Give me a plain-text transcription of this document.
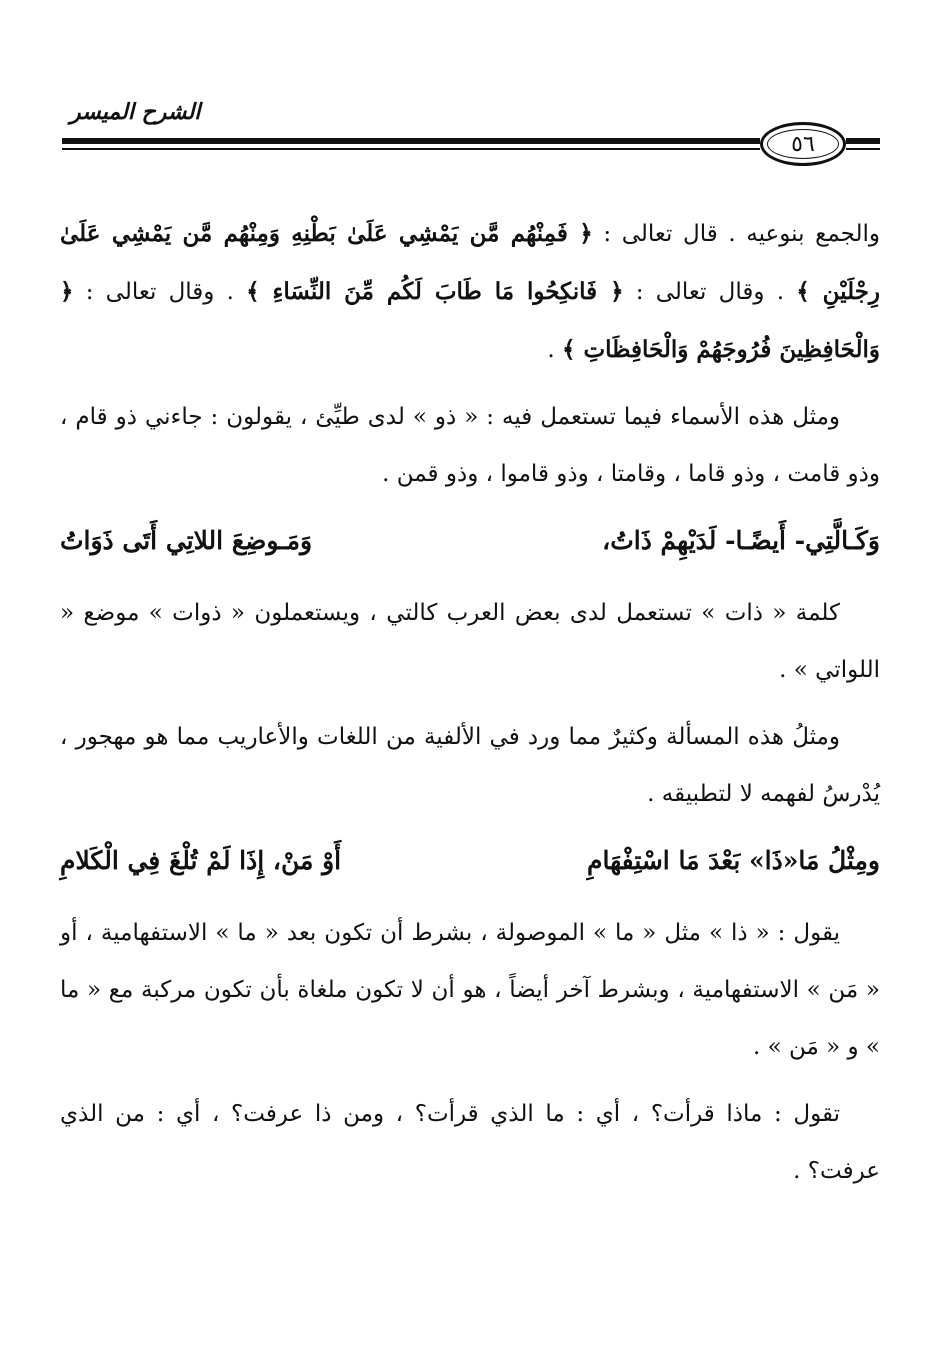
الشرح الميسر
٥٦

والجمع بنوعيه . قال تعالى : ﴿ فَمِنْهُم مَّن يَمْشِي عَلَىٰ بَطْنِهِ وَمِنْهُم مَّن يَمْشِي عَلَىٰ رِجْلَيْنِ ﴾ . وقال تعالى : ﴿ فَانكِحُوا مَا طَابَ لَكُم مِّنَ النِّسَاءِ ﴾ . وقال تعالى : ﴿ وَالْحَافِظِينَ فُرُوجَهُمْ وَالْحَافِظَاتِ ﴾ .

ومثل هذه الأسماء فيما تستعمل فيه : « ذو » لدى طيِّئ ، يقولون : جاءني ذو قام ، وذو قامت ، وذو قاما ، وقامتا ، وذو قاموا ، وذو قمن .

وَكَـالَّتِي- أَيضًـا- لَدَيْهِمْ ذَاتُ،
وَمَـوضِعَ اللاتِي أَتَى ذَوَاتُ

كلمة « ذات » تستعمل لدى بعض العرب كالتي ، ويستعملون « ذوات » موضع « اللواتي » .

ومثلُ هذه المسألة وكثيرٌ مما ورد في الألفية من اللغات والأعاريب مما هو مهجور ، يُدْرسُ لفهمه لا لتطبيقه .

ومِثْلُ مَا«ذَا» بَعْدَ مَا اسْتِفْهَامِ
أَوْ مَنْ، إِذَا لَمْ تُلْغَ فِي الْكَلامِ

يقول : « ذا » مثل « ما » الموصولة ، بشرط أن تكون بعد « ما » الاستفهامية ، أو « مَن » الاستفهامية ، وبشرط آخر أيضاً ، هو أن لا تكون ملغاة بأن تكون مركبة مع « ما » و « مَن » .

تقول : ماذا قرأت؟ ، أي : ما الذي قرأت؟ ، ومن ذا عرفت؟ ، أي : من الذي عرفت؟ .
